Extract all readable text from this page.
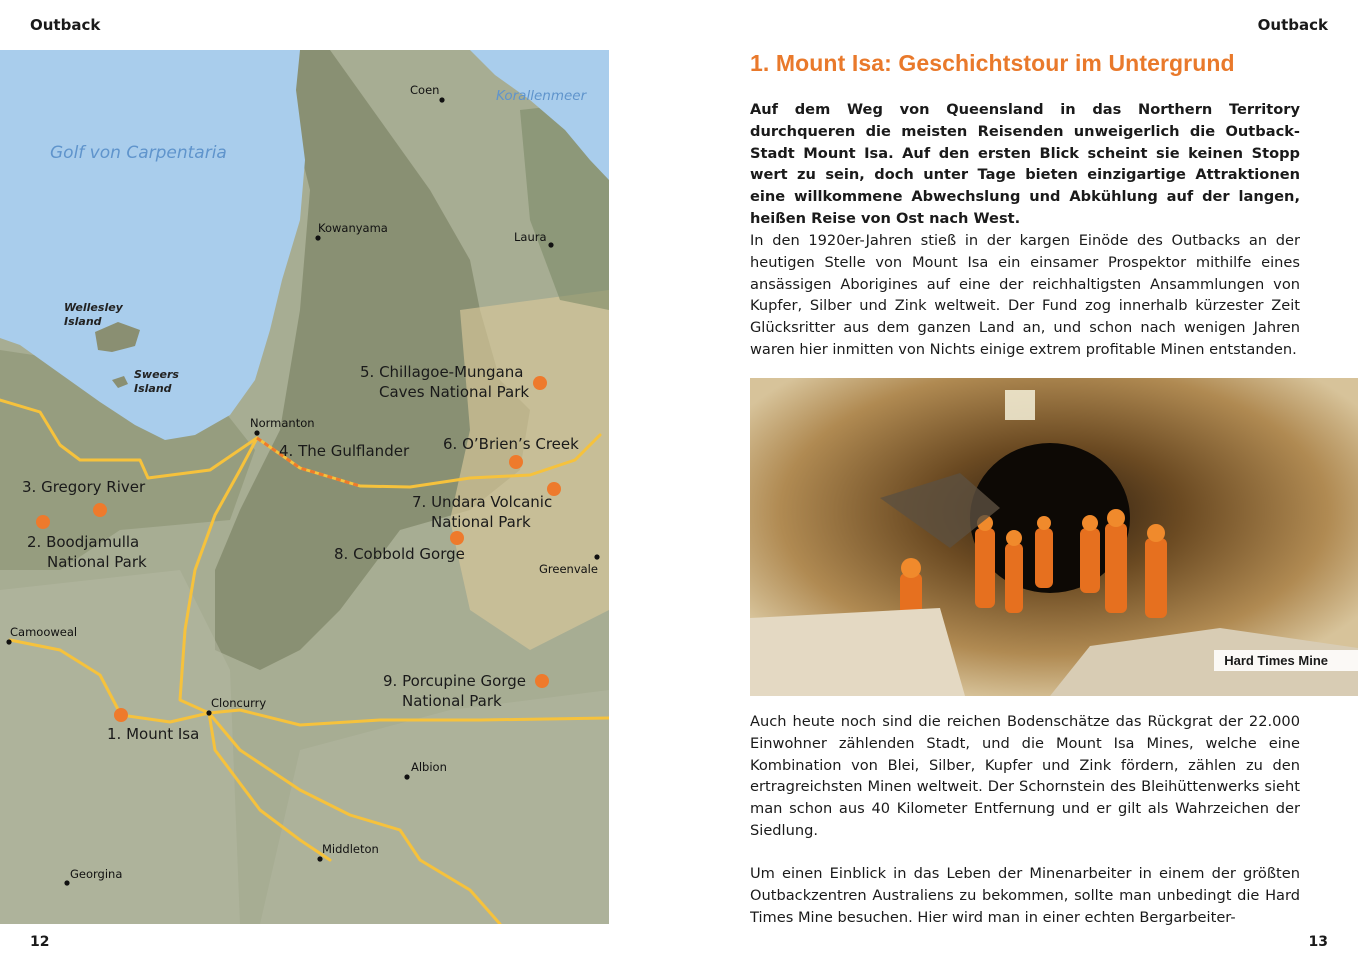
Outback	Outback
12	13
Golf von Carpentaria
Korallenmeer
Wellesley
Island
Sweers
Island
Coen
Kowanyama
Laura
Normanton
Greenvale
Camooweal
Cloncurry
Albion
Middleton
Georgina
1. Mount Isa
2. Boodjamulla
National Park
3. Gregory River
4. The Gulflander
5. Chillagoe-Mungana
Caves National Park
6. O’Brien’s Creek
7. Undara Volcanic
National Park
8. Cobbold Gorge
9. Porcupine Gorge
National Park
1. Mount Isa: Geschichtstour im Untergrund

Auf dem Weg von Queensland in das Northern Territory durchqueren die meisten Reisenden unweigerlich die Outback-Stadt Mount Isa. Auf den ersten Blick scheint sie keinen Stopp wert zu sein, doch unter Tage bieten einzigartige Attraktionen eine willkommene Abwechslung und Abkühlung auf der langen, heißen Reise von Ost nach West.

In den 1920er-Jahren stieß in der kargen Einöde des Outbacks an der heutigen Stelle von Mount Isa ein einsamer Prospektor mithilfe eines ansässigen Aborigines auf eine der reichhaltigsten Ansammlungen von Kupfer, Silber und Zink weltweit. Der Fund zog innerhalb kürzester Zeit Glücksritter aus dem ganzen Land an, und schon nach wenigen Jahren waren hier inmitten von Nichts einige extrem profitable Minen entstanden.

Hard Times Mine

Auch heute noch sind die reichen Bodenschätze das Rückgrat der 22.000 Einwohner zählenden Stadt, und die Mount Isa Mines, welche eine Kombination von Blei, Silber, Kupfer und Zink fördern, zählen zu den ertragreichsten Minen weltweit. Der Schornstein des Bleihüttenwerks sieht man schon aus 40 Kilometer Entfernung und er gilt als Wahrzeichen der Siedlung.

Um einen Einblick in das Leben der Minenarbeiter in einem der größten Outbackzentren Australiens zu bekommen, sollte man unbedingt die Hard Times Mine besuchen. Hier wird man in einer echten Bergarbeiter-
